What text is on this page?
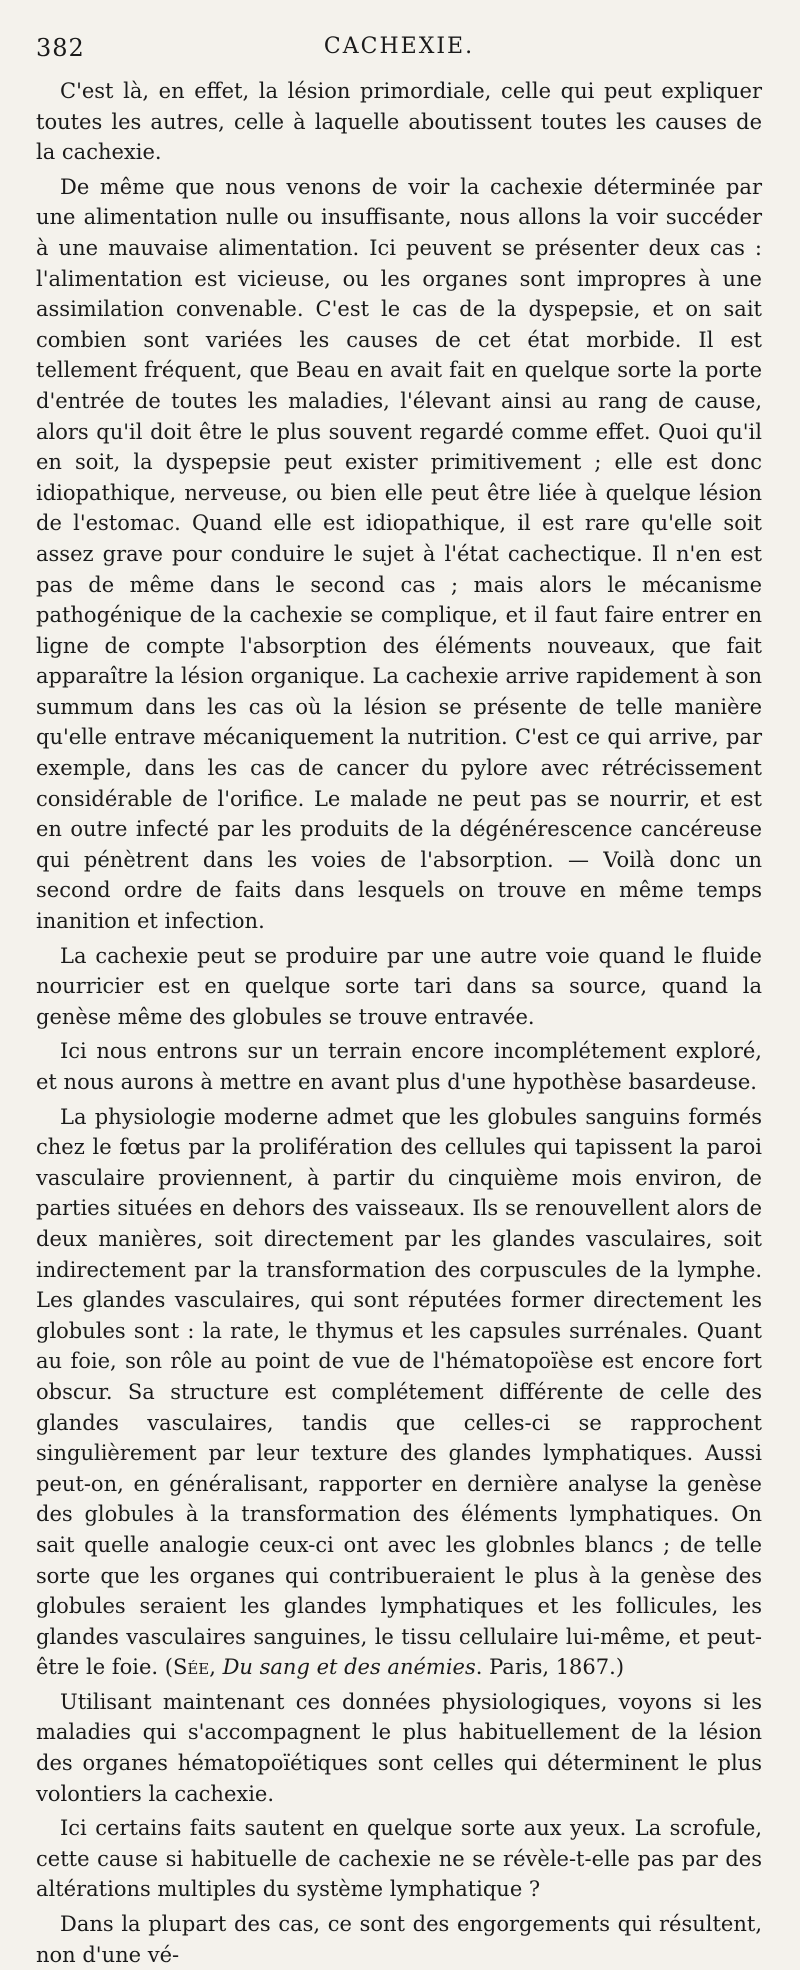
382	CACHEXIE.

C'est là, en effet, la lésion primordiale, celle qui peut expliquer toutes les autres, celle à laquelle aboutissent toutes les causes de la cachexie.

De même que nous venons de voir la cachexie déterminée par une alimentation nulle ou insuffisante, nous allons la voir succéder à une mauvaise alimentation. Ici peuvent se présenter deux cas : l'alimentation est vicieuse, ou les organes sont impropres à une assimilation convenable. C'est le cas de la dyspepsie, et on sait combien sont variées les causes de cet état morbide. Il est tellement fréquent, que Beau en avait fait en quelque sorte la porte d'entrée de toutes les maladies, l'élevant ainsi au rang de cause, alors qu'il doit être le plus souvent regardé comme effet. Quoi qu'il en soit, la dyspepsie peut exister primitivement ; elle est donc idiopathique, nerveuse, ou bien elle peut être liée à quelque lésion de l'estomac. Quand elle est idiopathique, il est rare qu'elle soit assez grave pour conduire le sujet à l'état cachectique. Il n'en est pas de même dans le second cas ; mais alors le mécanisme pathogénique de la cachexie se complique, et il faut faire entrer en ligne de compte l'absorption des éléments nouveaux, que fait apparaître la lésion organique. La cachexie arrive rapidement à son summum dans les cas où la lésion se présente de telle manière qu'elle entrave mécaniquement la nutrition. C'est ce qui arrive, par exemple, dans les cas de cancer du pylore avec rétrécissement considérable de l'orifice. Le malade ne peut pas se nourrir, et est en outre infecté par les produits de la dégénérescence cancéreuse qui pénètrent dans les voies de l'absorption. — Voilà donc un second ordre de faits dans lesquels on trouve en même temps inanition et infection.

La cachexie peut se produire par une autre voie quand le fluide nourricier est en quelque sorte tari dans sa source, quand la genèse même des globules se trouve entravée.

Ici nous entrons sur un terrain encore incomplétement exploré, et nous aurons à mettre en avant plus d'une hypothèse basardeuse.

La physiologie moderne admet que les globules sanguins formés chez le fœtus par la prolifération des cellules qui tapissent la paroi vasculaire proviennent, à partir du cinquième mois environ, de parties situées en dehors des vaisseaux. Ils se renouvellent alors de deux manières, soit directement par les glandes vasculaires, soit indirectement par la transformation des corpuscules de la lymphe. Les glandes vasculaires, qui sont réputées former directement les globules sont : la rate, le thymus et les capsules surrénales. Quant au foie, son rôle au point de vue de l'hématopoïèse est encore fort obscur. Sa structure est complétement différente de celle des glandes vasculaires, tandis que celles-ci se rapprochent singulièrement par leur texture des glandes lymphatiques. Aussi peut-on, en généralisant, rapporter en dernière analyse la genèse des globules à la transformation des éléments lymphatiques. On sait quelle analogie ceux-ci ont avec les globnles blancs ; de telle sorte que les organes qui contribueraient le plus à la genèse des globules seraient les glandes lymphatiques et les follicules, les glandes vasculaires sanguines, le tissu cellulaire lui-même, et peut-être le foie. (Sée, Du sang et des anémies. Paris, 1867.)

Utilisant maintenant ces données physiologiques, voyons si les maladies qui s'accompagnent le plus habituellement de la lésion des organes hématopoïétiques sont celles qui déterminent le plus volontiers la cachexie.

Ici certains faits sautent en quelque sorte aux yeux. La scrofule, cette cause si habituelle de cachexie ne se révèle-t-elle pas par des altérations multiples du système lymphatique ?

Dans la plupart des cas, ce sont des engorgements qui résultent, non d'une vé-
